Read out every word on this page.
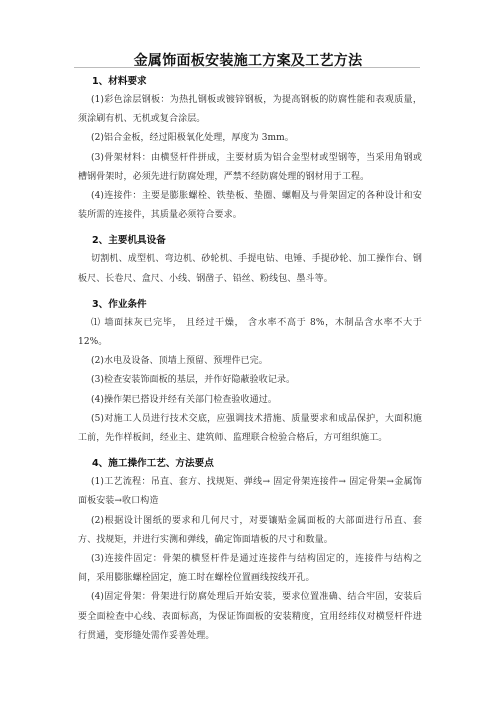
金属饰面板安装施工方案及工艺方法
1、材料要求
(1)彩色涂层钢板：为热扎钢板或镀锌钢板，为提高钢板的防腐性能和表观质量，须涂刷有机、无机或复合涂层。
(2)铝合金板，经过阳极氧化处理，厚度为 3mm。
(3)骨架材料：由横竖杆件拼成，主要材质为铝合金型材或型钢等，当采用角钢或槽钢骨架时，必须先进行防腐处理，严禁不经防腐处理的钢材用于工程。
(4)连接件：主要是膨胀螺栓、铁垫板、垫圈、螺帽及与骨架固定的各种设计和安装所需的连接件，其质量必须符合要求。
2、主要机具设备
切割机、成型机、弯边机、砂轮机、手提电钻、电锤、手提砂轮、加工操作台、钢板尺、长卷尺、盒尺、小线、钢凿子、铅丝、粉线包、墨斗等。
3、作业条件
⑴ 墙面抹灰已完毕， 且经过干燥， 含水率不高于 8%，木制品含水率不大于 12%。
(2)水电及设备、顶墙上预留、预埋件已完。
(3)检查安装饰面板的基层，并作好隐蔽验收记录。
(4)操作架已搭设并经有关部门检查验收通过。
(5)对施工人员进行技术交底，应强调技术措施、质量要求和成品保护，大面积施工前，先作样板间，经业主、建筑师、监理联合检验合格后，方可组织施工。
4、施工操作工艺、方法要点
(1)工艺流程：吊直、套方、找规矩、弹线→ 固定骨架连接件→ 固定骨架→金属饰面板安装→收口构造
(2)根据设计图纸的要求和几何尺寸，对要镶贴金属面板的大部面进行吊直、套方、找规矩，并进行实测和弹线，确定饰面墙板的尺寸和数量。
(3)连接件固定：骨架的横竖杆件是通过连接件与结构固定的，连接件与结构之间，采用膨胀螺栓固定，施工时在螺栓位置画线按线开孔。
(4)固定骨架：骨架进行防腐处理后开始安装，要求位置准确、结合牢固，安装后要全面检查中心线、表面标高，为保证饰面板的安装精度，宜用经纬仪对横竖杆件进行贯通，变形缝处需作妥善处理。
